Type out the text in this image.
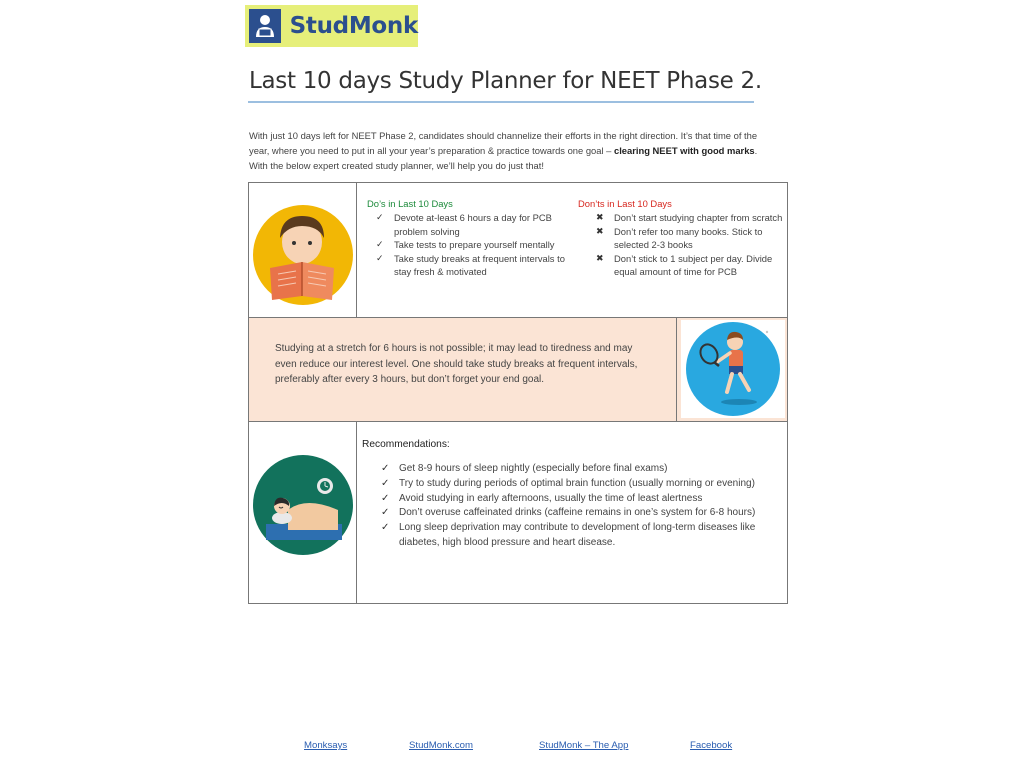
StudMonk
Last 10 days Study Planner for NEET Phase 2.
With just 10 days left for NEET Phase 2, candidates should channelize their efforts in the right direction. It’s that time of the year, where you need to put in all your year’s preparation & practice towards one goal – clearing NEET with good marks. With the below expert created study planner, we’ll help you do just that!
Do’s in Last 10 Days
✓ Devote at-least 6 hours a day for PCB problem solving
✓ Take tests to prepare yourself mentally
✓ Take study breaks at frequent intervals to stay fresh & motivated
Don’ts in Last 10 Days
✖ Don’t start studying chapter from scratch
✖ Don’t refer too many books. Stick to selected 2-3 books
✖ Don’t stick to 1 subject per day. Divide equal amount of time for PCB
Studying at a stretch for 6 hours is not possible; it may lead to tiredness and may even reduce our interest level. One should take study breaks at frequent intervals, preferably after every 3 hours, but don’t forget your end goal.
Recommendations:
✓ Get 8-9 hours of sleep nightly (especially before final exams)
✓ Try to study during periods of optimal brain function (usually morning or evening)
✓ Avoid studying in early afternoons, usually the time of least alertness
✓ Don’t overuse caffeinated drinks (caffeine remains in one’s system for 6-8 hours)
✓ Long sleep deprivation may contribute to development of long-term diseases like diabetes, high blood pressure and heart disease.
Monksays	StudMonk.com	StudMonk – The App	Facebook
